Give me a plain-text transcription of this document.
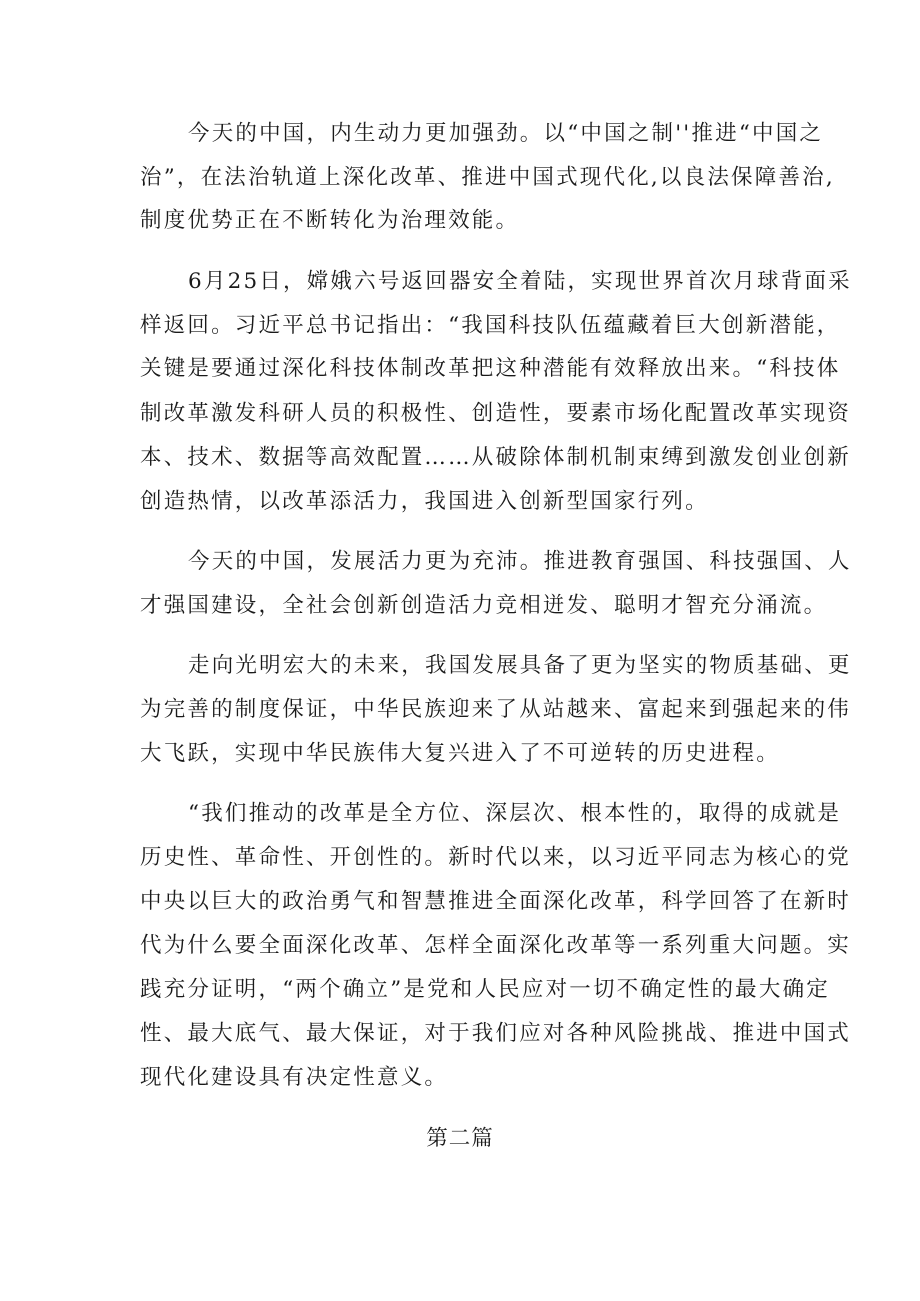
今天的中国，内生动力更加强劲。以“中国之制''推进“中国之
治”，在法治轨道上深化改革、推进中国式现代化,以良法保障善治,
制度优势正在不断转化为治理效能。
6月25日，嫦娥六号返回器安全着陆，实现世界首次月球背面采
样返回。习近平总书记指出：“我国科技队伍蕴藏着巨大创新潜能，
关键是要通过深化科技体制改革把这种潜能有效释放出来。“科技体
制改革激发科研人员的积极性、创造性，要素市场化配置改革实现资
本、技术、数据等高效配置……从破除体制机制束缚到激发创业创新
创造热情，以改革添活力，我国进入创新型国家行列。
今天的中国，发展活力更为充沛。推进教育强国、科技强国、人
才强国建设，全社会创新创造活力竞相迸发、聪明才智充分涌流。
走向光明宏大的未来，我国发展具备了更为坚实的物质基础、更
为完善的制度保证，中华民族迎来了从站越来、富起来到强起来的伟
大飞跃，实现中华民族伟大复兴进入了不可逆转的历史进程。
“我们推动的改革是全方位、深层次、根本性的，取得的成就是
历史性、革命性、开创性的。新时代以来，以习近平同志为核心的党
中央以巨大的政治勇气和智慧推进全面深化改革，科学回答了在新时
代为什么要全面深化改革、怎样全面深化改革等一系列重大问题。实
践充分证明，“两个确立”是党和人民应对一切不确定性的最大确定
性、最大底气、最大保证，对于我们应对各种风险挑战、推进中国式
现代化建设具有决定性意义。
第二篇
